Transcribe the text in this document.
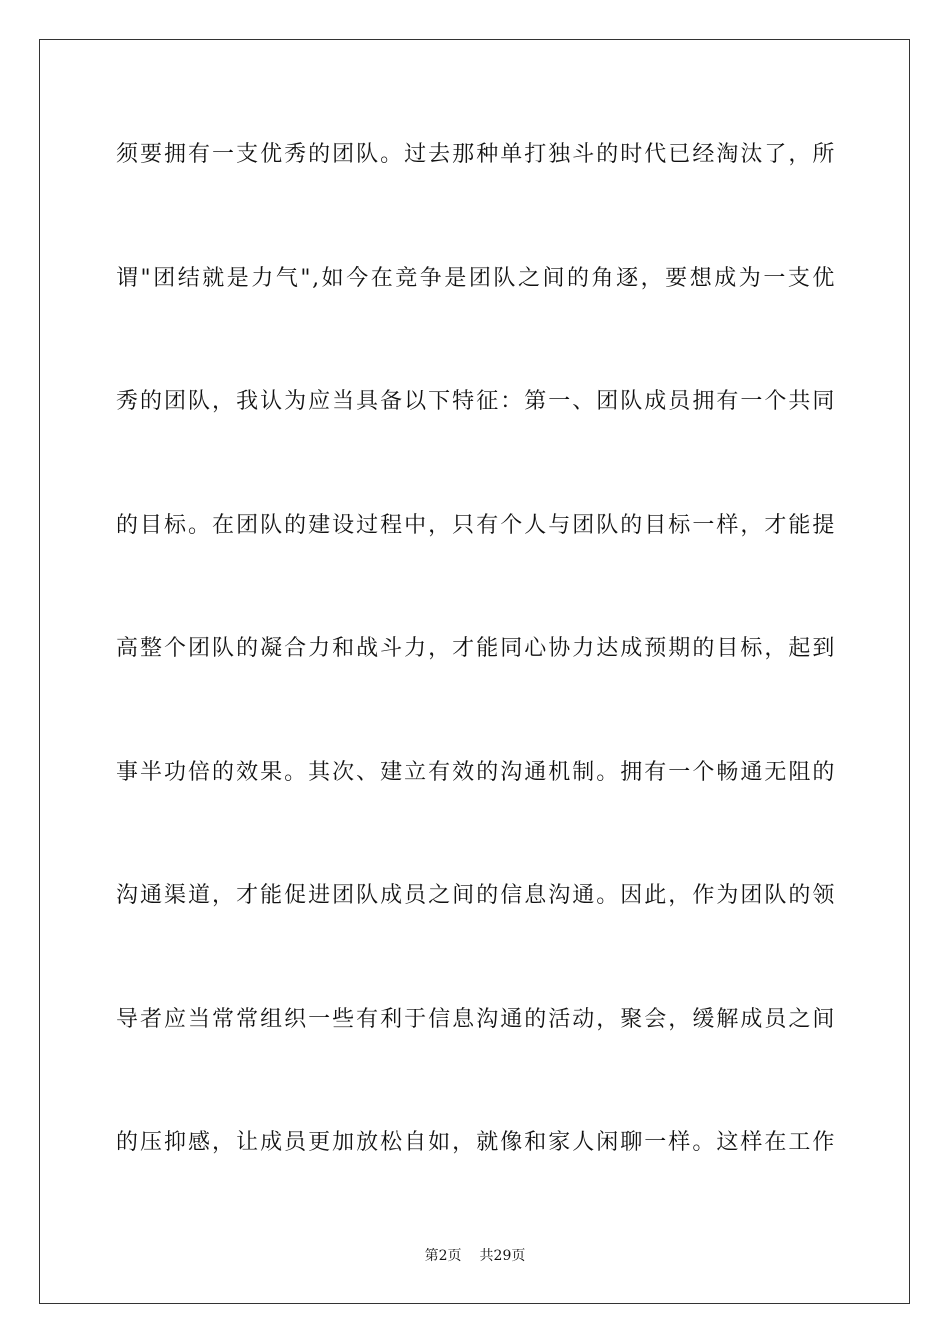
须要拥有一支优秀的团队。过去那种单打独斗的时代已经淘汰了，所
谓"团结就是力气",如今在竞争是团队之间的角逐，要想成为一支优
秀的团队，我认为应当具备以下特征：第一、团队成员拥有一个共同
的目标。在团队的建设过程中，只有个人与团队的目标一样，才能提
高整个团队的凝合力和战斗力，才能同心协力达成预期的目标，起到
事半功倍的效果。其次、建立有效的沟通机制。拥有一个畅通无阻的
沟通渠道，才能促进团队成员之间的信息沟通。因此，作为团队的领
导者应当常常组织一些有利于信息沟通的活动，聚会，缓解成员之间
的压抑感，让成员更加放松自如，就像和家人闲聊一样。这样在工作
第2页 共29页
